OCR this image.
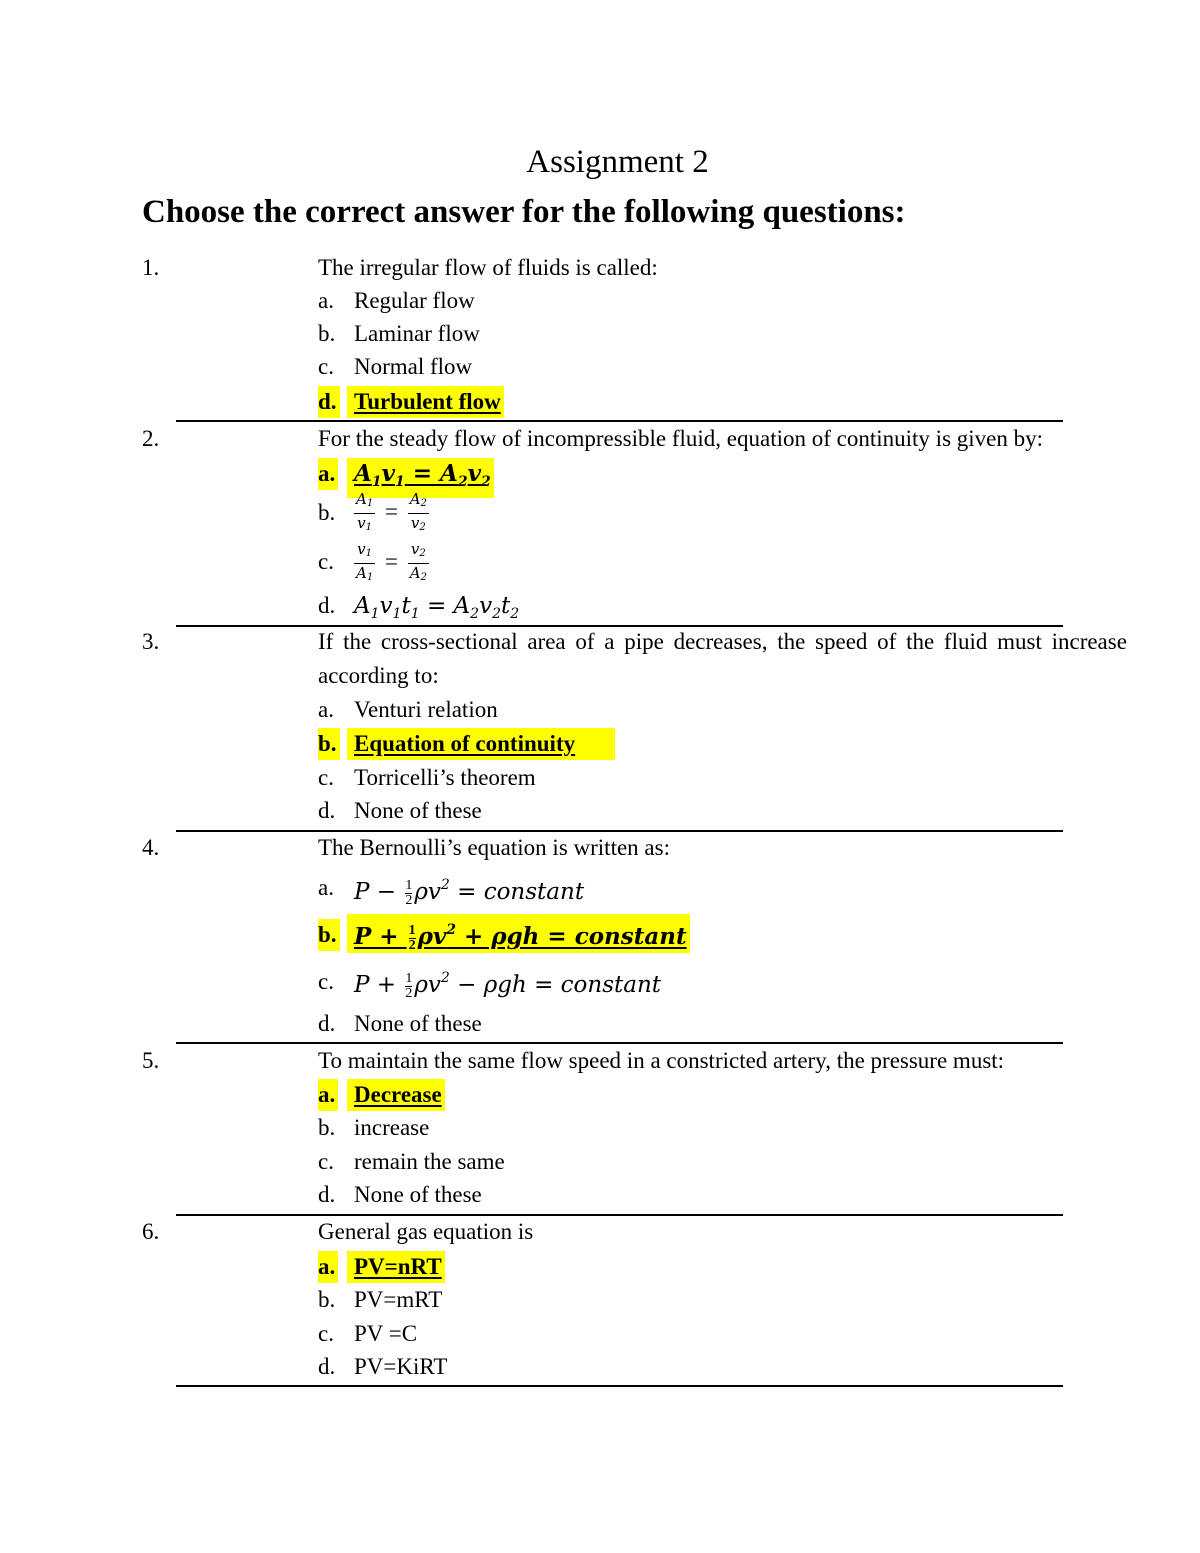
Assignment 2
Choose the correct answer for the following questions:
1.	The irregular flow of fluids is called:
a. Regular flow
b. Laminar flow
c. Normal flow
d. Turbulent flow
2.	For the steady flow of incompressible fluid, equation of continuity is given by:
a. $A_1v_1 = A_2v_2$
b. $\frac{A_1}{v_1} = \frac{A_2}{v_2}$
c. $\frac{v_1}{A_1} = \frac{v_2}{A_2}$
d. $A_1v_1t_1 = A_2v_2t_2$
3.	If the cross-sectional area of a pipe decreases, the speed of the fluid must increase
according to:
a. Venturi relation
b. Equation of continuity
c. Torricelli’s theorem
d. None of these
4.	The Bernoulli’s equation is written as:
a. $P - \frac{1}{2} \rho v^2$ = constant
b. $P + \frac{1}{2} \rho v^2 + \rho gh$ = constant
c. $P + \frac{1}{2} \rho v^2 - \rho gh$ = constant
d. None of these
5.	To maintain the same flow speed in a constricted artery, the pressure must:
a. Decrease
b. increase
c. remain the same
d. None of these
6.	General gas equation is
a. PV=nRT
b. PV=mRT
c. PV =C
d. PV=KiRT
